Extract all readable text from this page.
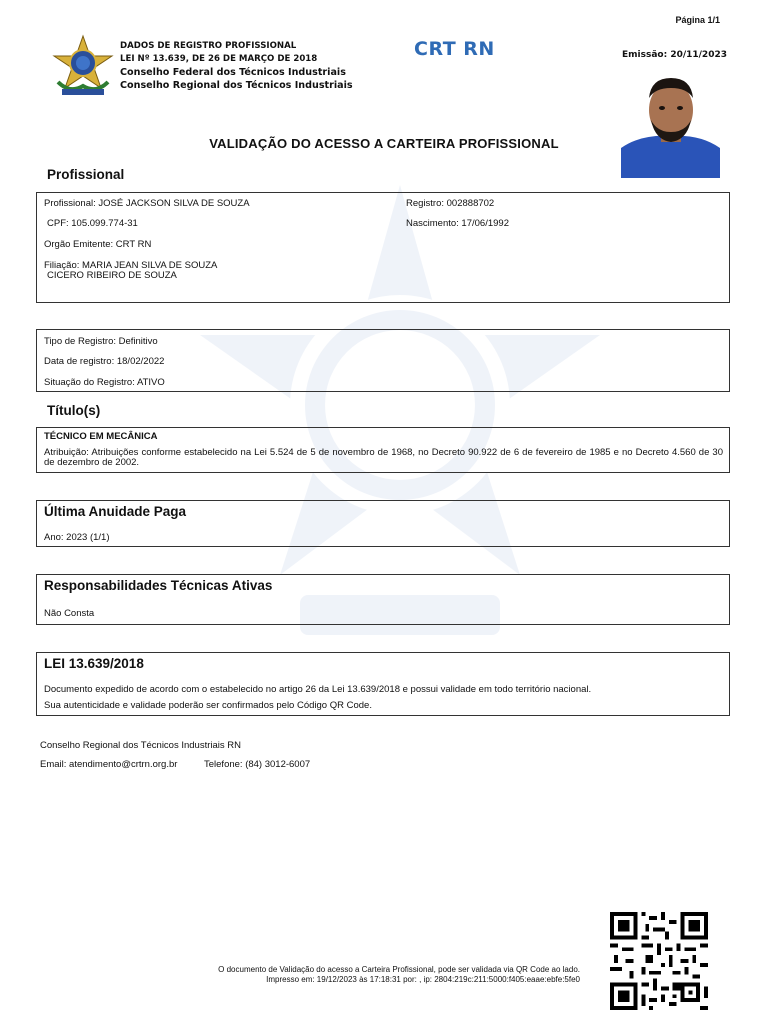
Página 1/1
DADOS DE REGISTRO PROFISSIONAL
LEI Nº 13.639, DE 26 DE MARÇO DE 2018
Conselho Federal dos Técnicos Industriais
Conselho Regional dos Técnicos Industriais
CRT RN	Emissão: 20/11/2023
VALIDAÇÃO DO ACESSO A CARTEIRA PROFISSIONAL
Profissional
Profissional: JOSÉ JACKSON SILVA DE SOUZA	Registro: 002888702
CPF: 105.099.774-31	Nascimento: 17/06/1992
Orgão Emitente: CRT RN
Filiação: MARIA JEAN SILVA DE SOUZA
CICERO RIBEIRO DE SOUZA
Tipo de Registro: Definitivo
Data de registro: 18/02/2022
Situação do Registro: ATIVO
Título(s)
TÉCNICO EM MECÂNICA
Atribuição: Atribuições conforme estabelecido na Lei 5.524 de 5 de novembro de 1968, no Decreto 90.922 de 6 de fevereiro de 1985 e no Decreto 4.560 de 30 de dezembro de 2002.
Última Anuidade Paga
Ano: 2023 (1/1)
Responsabilidades Técnicas Ativas
Não Consta
LEI 13.639/2018
Documento expedido de acordo com o estabelecido no artigo 26 da Lei 13.639/2018 e possui validade em todo território nacional.
Sua autenticidade e validade poderão ser confirmados pelo Código QR Code.
Conselho Regional dos Técnicos Industriais RN
Email: atendimento@crtrn.org.br	Telefone: (84) 3012-6007
O documento de Validação do acesso a Carteira Profissional, pode ser validada via QR Code ao lado.
Impresso em: 19/12/2023 às 17:18:31 por: , ip: 2804:219c:211:5000:f405:eaae:ebfe:5fe0
